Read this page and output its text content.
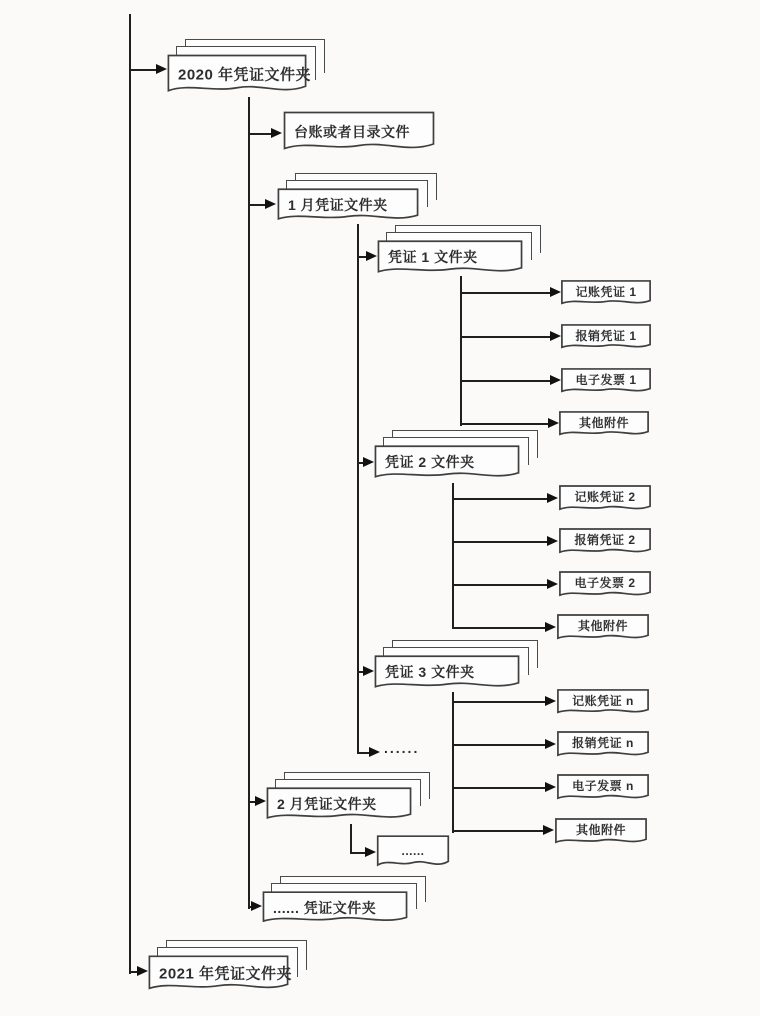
2020 年凭证文件夹
台账或者目录文件
1 月凭证文件夹
凭证 1 文件夹
记账凭证 1
报销凭证 1
电子发票 1
其他附件
凭证 2 文件夹
记账凭证 2
报销凭证 2
电子发票 2
其他附件
凭证 3 文件夹
记账凭证 n
报销凭证 n
电子发票 n
其他附件
......
2 月凭证文件夹
......
...... 凭证文件夹
2021 年凭证文件夹
